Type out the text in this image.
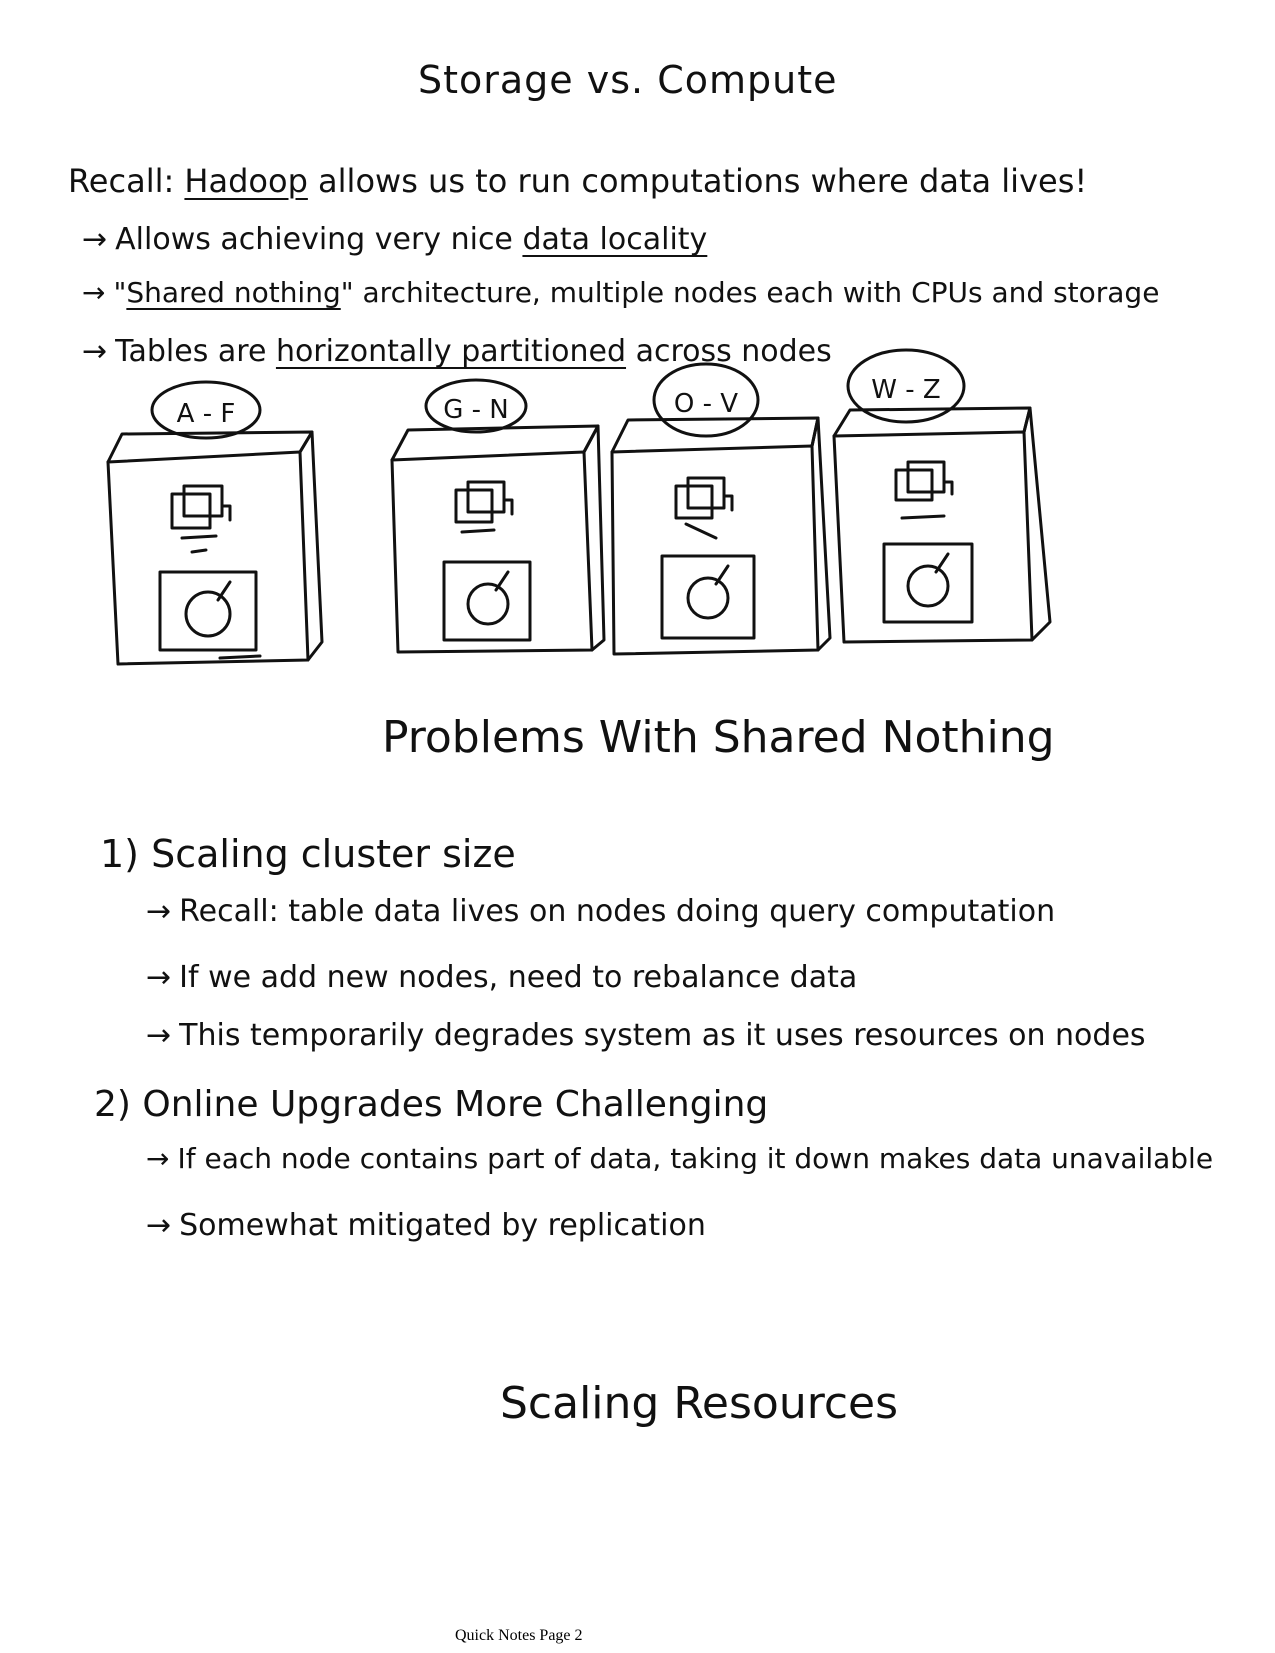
Storage vs. Compute
Recall: Hadoop allows us to run computations where data lives!
→ Allows achieving very nice data locality
→ "Shared nothing" architecture, multiple nodes each with CPUs and storage
→ Tables are horizontally partitioned across nodes
A - F	G - N	O - V	W - Z
Problems With Shared Nothing
1) Scaling cluster size
→ Recall: table data lives on nodes doing query computation
→ If we add new nodes, need to rebalance data
→ This temporarily degrades system as it uses resources on nodes
2) Online Upgrades More Challenging
→ If each node contains part of data, taking it down makes data unavailable
→ Somewhat mitigated by replication
Scaling Resources
Quick Notes Page 2
